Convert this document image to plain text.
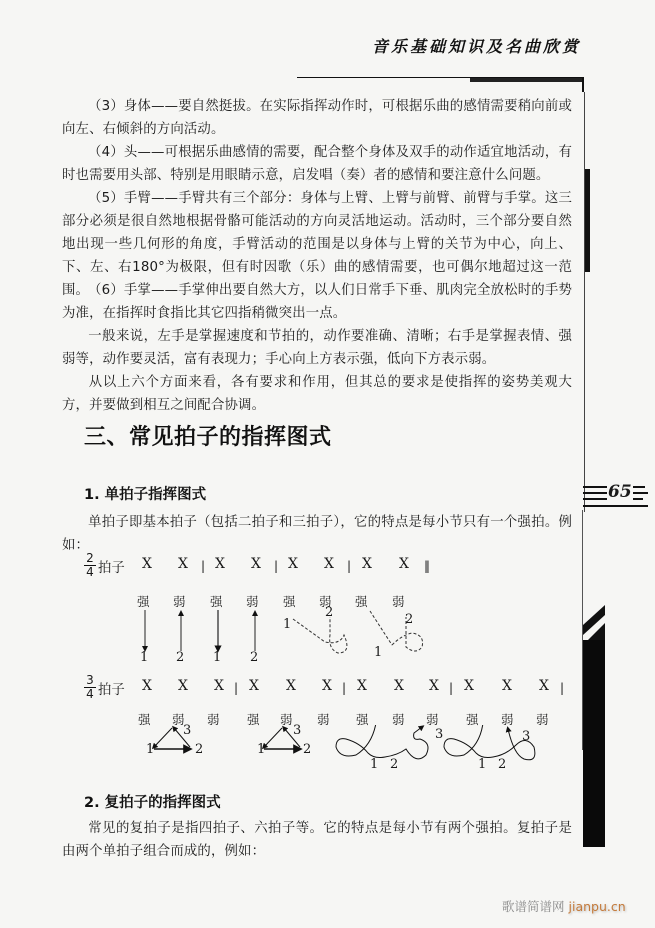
音乐基础知识及名曲欣赏
65
（3）身体——要自然挺拔。在实际指挥动作时，可根据乐曲的感情需要稍向前或向左、右倾斜的方向活动。
（4）头——可根据乐曲感情的需要，配合整个身体及双手的动作适宜地活动，有时也需要用头部、特别是用眼睛示意，启发唱（奏）者的感情和要注意什么问题。
（5）手臂——手臂共有三个部分：身体与上臂、上臂与前臂、前臂与手掌。这三部分必须是很自然地根据骨骼可能活动的方向灵活地运动。活动时，三个部分要自然地出现一些几何形的角度，手臂活动的范围是以身体与上臂的关节为中心，向上、下、左、右180°为极限，但有时因歌（乐）曲的感情需要，也可偶尔地超过这一范围。
（6）手掌——手掌伸出要自然大方，以人们日常手下垂、肌肉完全放松时的手势为准，在指挥时食指比其它四指稍微突出一点。
一般来说，左手是掌握速度和节拍的，动作要准确、清晰；右手是掌握表情、强弱等，动作要灵活，富有表现力；手心向上方表示强，低向下方表示弱。
从以上六个方面来看，各有要求和作用，但其总的要求是使指挥的姿势美观大方，并要做到相互之间配合协调。
三、常见拍子的指挥图式
1. 单拍子指挥图式
单拍子即基本拍子（包括二拍子和三拍子），它的特点是每小节只有一个强拍。例如：
2
4 拍子 X X | X X | X X | X X ‖
强 弱 强 弱 强 弱 强 弱
1 2 1 2
1
2
1
2
3
4 拍子 X X X | X X X | X X X | X X X |
强 弱 弱 强 弱 弱 强 弱 弱 强 弱 弱
1	2
3
1	2
3
1 2
3
1 2
3
2. 复拍子的指挥图式
常见的复拍子是指四拍子、六拍子等。它的特点是每小节有两个强拍。复拍子是由两个单拍子组合而成的，例如：
歌谱简谱网 jianpu.cn
